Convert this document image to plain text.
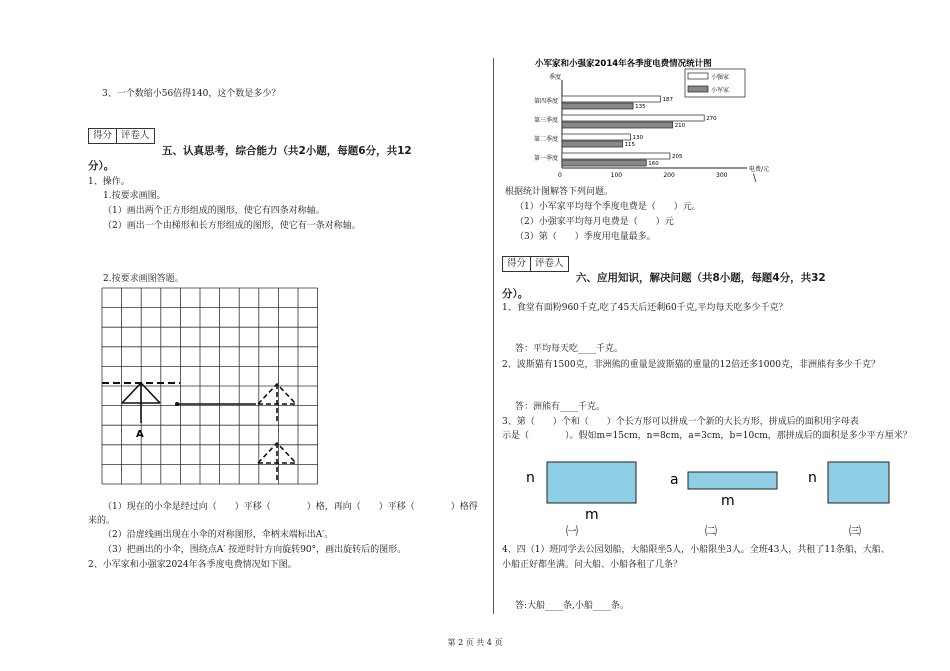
3、一个数缩小56倍得140，这个数是多少？
得分 评卷人
五、认真思考，综合能力（共2小题，每题6分，共12
分）。
1、操作。
1.按要求画图。
（1）画出两个正方形组成的图形，使它有四条对称轴。
（2）画出一个由梯形和长方形组成的图形，使它有一条对称轴。
2.按要求画图答题。
A
（1）现在的小伞是经过向（　　）平移（　　　　）格，再向（　　）平移（　　　　）格得
来的。
（2）沿虚线画出现在小伞的对称图形，伞柄末端标出A′。
（3）把画出的小伞，围绕点A′ 按逆时针方向旋转90°，画出旋转后的图形。
2、小军家和小强家2024年各季度电费情况如下图。
小军家和小强家2014年各季度电费情况统计图
季度
电费/元
0	100	200	300
第一季度	205
160
第二季度	130
115
第三季度	270
210
第四季度	187
135
小强家
小军家
\
根据统计图解答下列问题。
（1）小军家平均每个季度电费是（　　）元。
（2）小强家平均每月电费是（　　）元
（3）第（　　）季度用电量最多。
得分 评卷人
六、应用知识，解决问题（共8小题，每题4分，共32
分）。
1、食堂有面粉960千克,吃了45天后还剩60千克,平均每天吃多少千克？
答：平均每天吃____千克。
2、波斯猫有1500克，非洲熊的重量是波斯猫的重量的12倍还多1000克，非洲熊有多少千克？
答：洲熊有____千克。
3、第（　　）个和（　　）个长方形可以拼成一个新的大长方形，拼成后的面积用字母表
示是（　　　　）。假如m=15cm，n=8cm，a=3cm，b=10cm，那拼成后的面积是多少平方厘米？
n
m
a
m
n
㈠	㈡	㈢
4、四（1）班同学去公园划船，大船限坐5人，小船限坐3人。全班43人，共租了11条船，大船、
小船正好都坐满。问大船、小船各租了几条？
答:大船____条,小船____条。
第 2 页 共 4 页
